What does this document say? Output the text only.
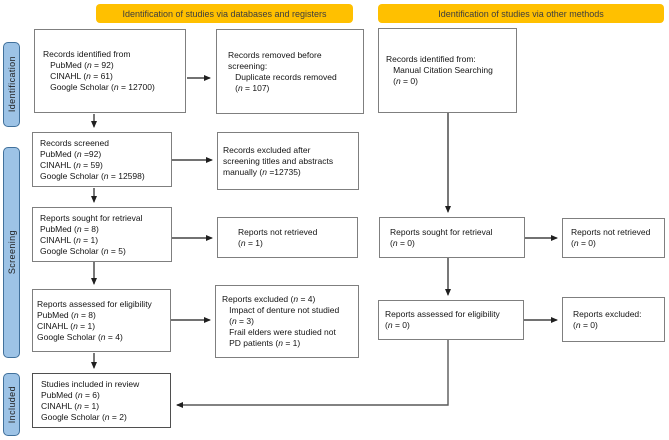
Identification of studies via databases and registers	Identification of studies via other methods
Identification
Screening
Included
Records identified from
PubMed (n = 92)
CINAHL (n = 61)
Google Scholar (n = 12700)
Records screened
PubMed (n =92)
CINAHL (n = 59)
Google Scholar (n = 12598)
Reports sought for retrieval
PubMed (n = 8)
CINAHL (n = 1)
Google Scholar (n = 5)
Reports assessed for eligibility
PubMed (n = 8)
CINAHL (n = 1)
Google Scholar (n = 4)
Studies included in review
PubMed (n = 6)
CINAHL (n = 1)
Google Scholar (n = 2)
Records removed before
screening:
Duplicate records removed
(n = 107)
Records excluded after
screening titles and abstracts
manually (n =12735)
Reports not retrieved
(n = 1)
Reports excluded (n = 4)
Impact of denture not studied
(n = 3)
Frail elders were studied not
PD patients (n = 1)
Records identified from:
Manual Citation Searching
(n = 0)
Reports sought for retrieval
(n = 0)
Reports assessed for eligibility
(n = 0)
Reports not retrieved
(n = 0)
Reports excluded:
(n = 0)
